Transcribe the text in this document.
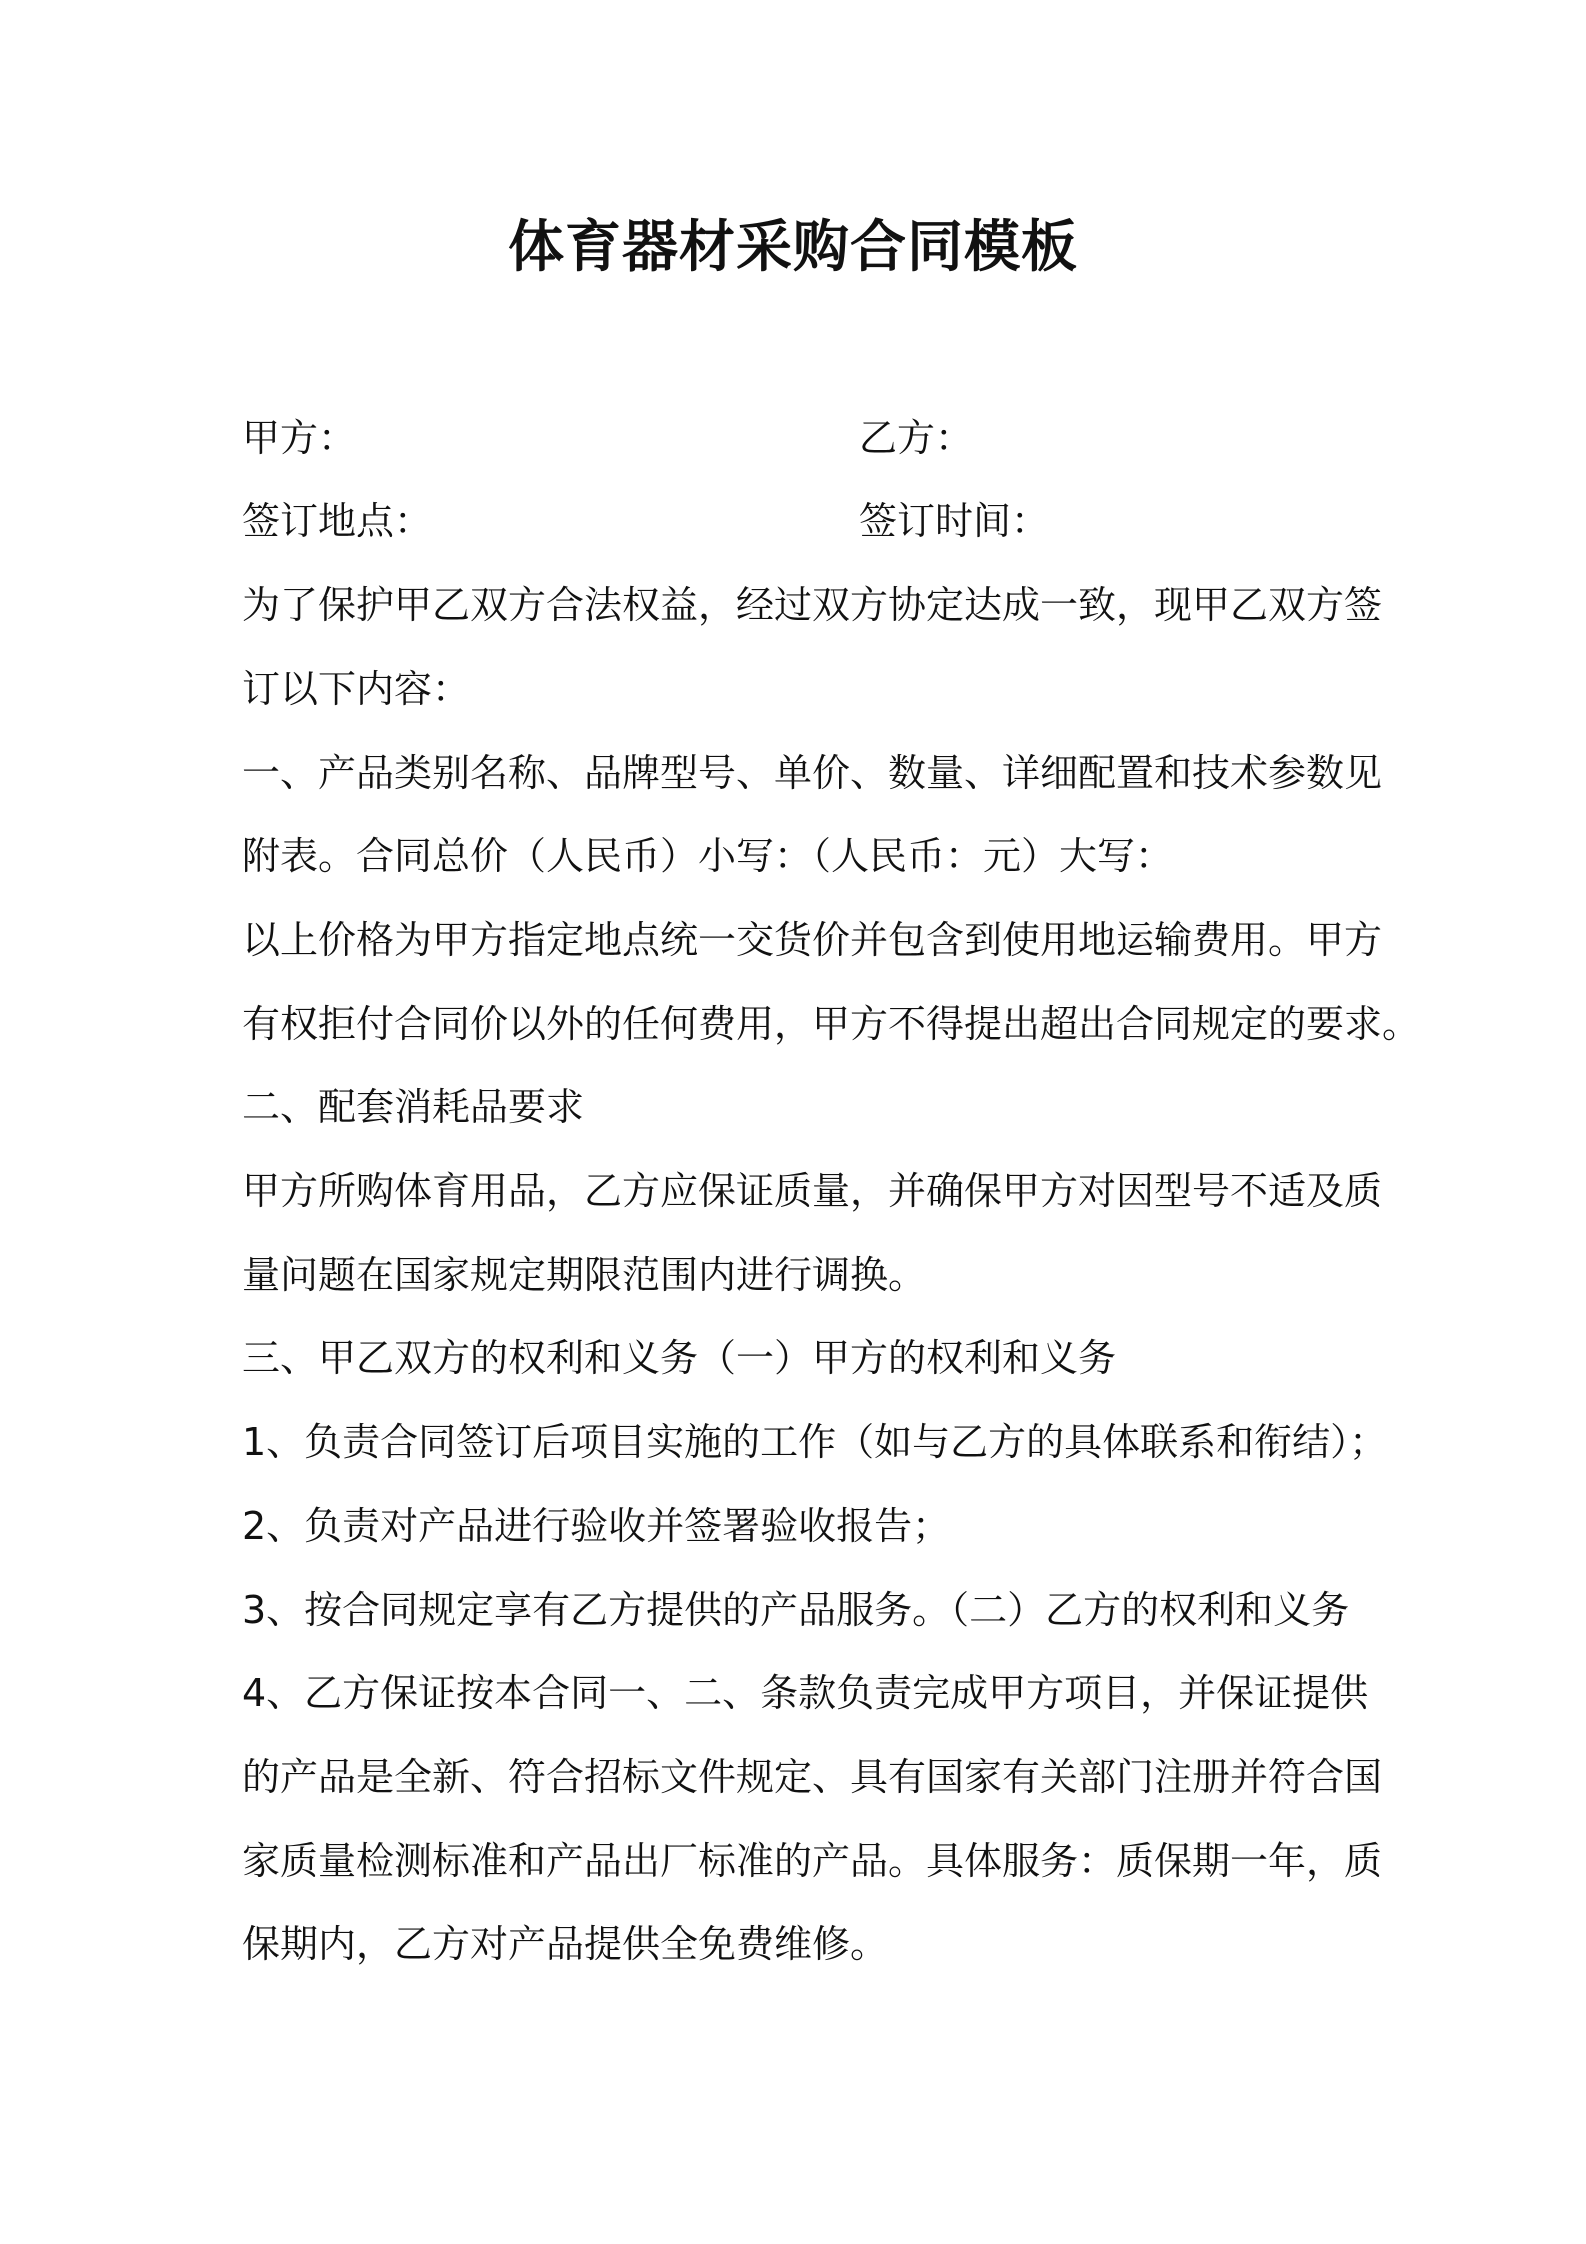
体育器材采购合同模板
甲方：	乙方：
签订地点：	签订时间：

为了保护甲乙双方合法权益，经过双方协定达成一致，现甲乙双方签

订以下内容：

一、产品类别名称、品牌型号、单价、数量、详细配置和技术参数见

附表。合同总价（人民币）小写：（人民币：元）大写：

以上价格为甲方指定地点统一交货价并包含到使用地运输费用。甲方

有权拒付合同价以外的任何费用，甲方不得提出超出合同规定的要求。

二、配套消耗品要求

甲方所购体育用品，乙方应保证质量，并确保甲方对因型号不适及质

量问题在国家规定期限范围内进行调换。

三、甲乙双方的权利和义务（一）甲方的权利和义务

1、负责合同签订后项目实施的工作（如与乙方的具体联系和衔结）；

2、负责对产品进行验收并签署验收报告；

3、按合同规定享有乙方提供的产品服务。（二）乙方的权利和义务

4、乙方保证按本合同一、二、条款负责完成甲方项目，并保证提供

的产品是全新、符合招标文件规定、具有国家有关部门注册并符合国

家质量检测标准和产品出厂标准的产品。具体服务：质保期一年，质

保期内，乙方对产品提供全免费维修。
